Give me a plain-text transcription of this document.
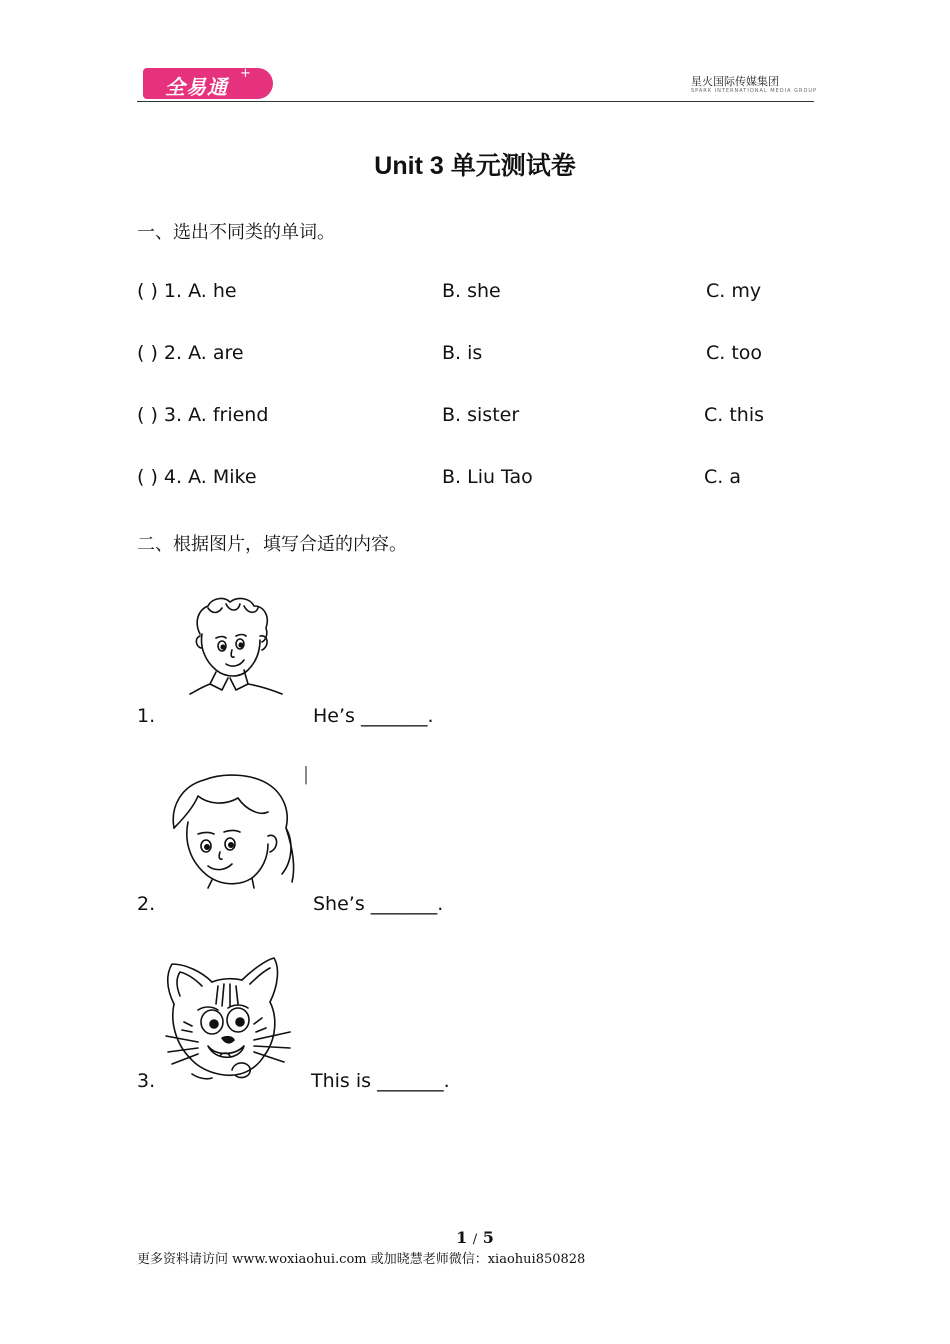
全易通
+
星火国际传媒集团
SPARK INTERNATIONAL MEDIA GROUP
Unit 3 单元测试卷
一、选出不同类的单词。
( ) 1. A. he	B. she	C. my
( ) 2. A. are	B. is	C. too
( ) 3. A. friend	B. sister	C. this
( ) 4. A. Mike	B. Liu Tao	C. a
二、根据图片，填写合适的内容。
1.	He’s _______.
2.	She’s _______.
3.	This is _______.
1 / 5
更多资料请访问 www.woxiaohui.com 或加晓慧老师微信：xiaohui850828
